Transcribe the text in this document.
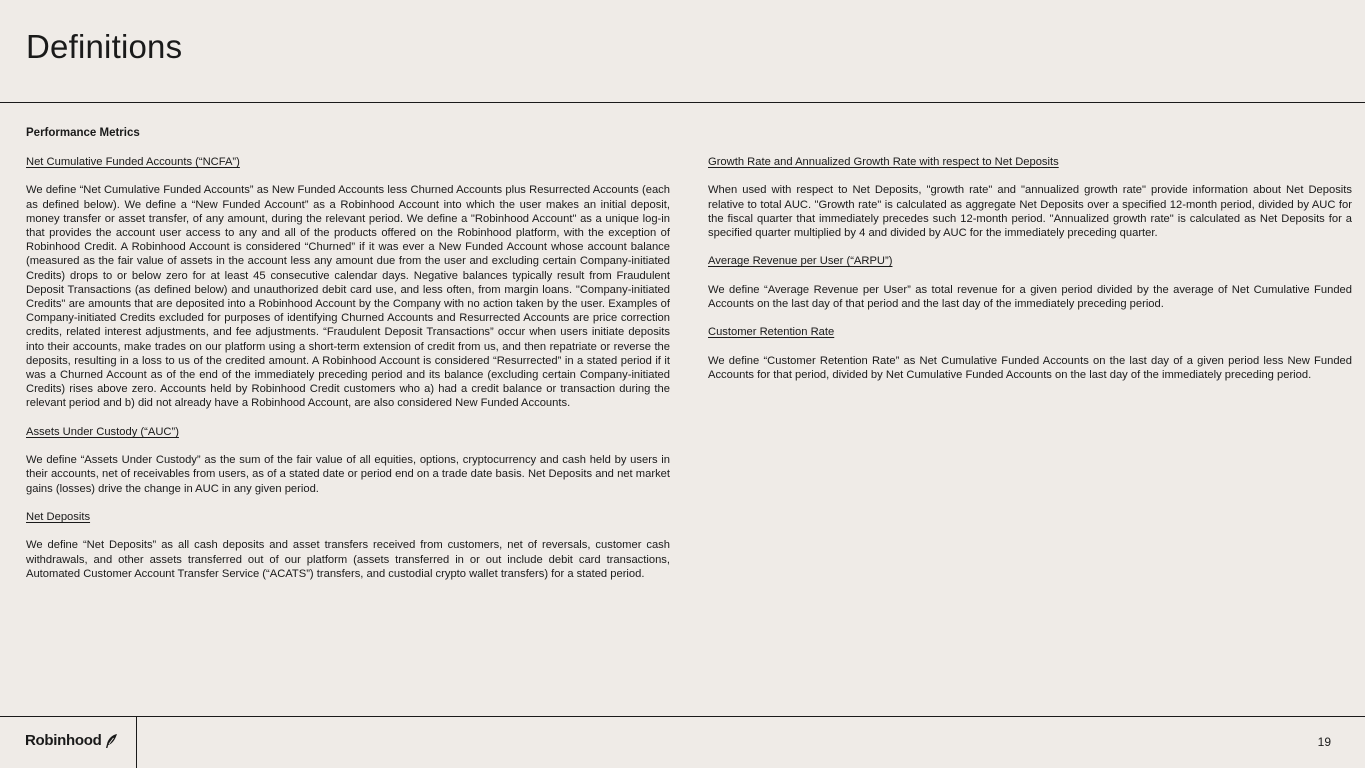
Definitions

Performance Metrics

Net Cumulative Funded Accounts (“NCFA”)

We define “Net Cumulative Funded Accounts” as New Funded Accounts less Churned Accounts plus Resurrected Accounts (each as defined below). We define a “New Funded Account” as a Robinhood Account into which the user makes an initial deposit, money transfer or asset transfer, of any amount, during the relevant period. We define a "Robinhood Account" as a unique log-in that provides the account user access to any and all of the products offered on the Robinhood platform, with the exception of Robinhood Credit. A Robinhood Account is considered “Churned” if it was ever a New Funded Account whose account balance (measured as the fair value of assets in the account less any amount due from the user and excluding certain Company-initiated Credits) drops to or below zero for at least 45 consecutive calendar days. Negative balances typically result from Fraudulent Deposit Transactions (as defined below) and unauthorized debit card use, and less often, from margin loans. "Company-initiated Credits" are amounts that are deposited into a Robinhood Account by the Company with no action taken by the user. Examples of Company-initiated Credits excluded for purposes of identifying Churned Accounts and Resurrected Accounts are price correction credits, related interest adjustments, and fee adjustments. “Fraudulent Deposit Transactions” occur when users initiate deposits into their accounts, make trades on our platform using a short-term extension of credit from us, and then repatriate or reverse the deposits, resulting in a loss to us of the credited amount. A Robinhood Account is considered “Resurrected” in a stated period if it was a Churned Account as of the end of the immediately preceding period and its balance (excluding certain Company-initiated Credits) rises above zero. Accounts held by Robinhood Credit customers who a) had a credit balance or transaction during the relevant period and b) did not already have a Robinhood Account, are also considered New Funded Accounts.

Assets Under Custody (“AUC”)

We define “Assets Under Custody” as the sum of the fair value of all equities, options, cryptocurrency and cash held by users in their accounts, net of receivables from users, as of a stated date or period end on a trade date basis. Net Deposits and net market gains (losses) drive the change in AUC in any given period.

Net Deposits

We define “Net Deposits” as all cash deposits and asset transfers received from customers, net of reversals, customer cash withdrawals, and other assets transferred out of our platform (assets transferred in or out include debit card transactions, Automated Customer Account Transfer Service (“ACATS”) transfers, and custodial crypto wallet transfers) for a stated period.

Growth Rate and Annualized Growth Rate with respect to Net Deposits

When used with respect to Net Deposits, "growth rate" and "annualized growth rate" provide information about Net Deposits relative to total AUC. "Growth rate" is calculated as aggregate Net Deposits over a specified 12-month period, divided by AUC for the fiscal quarter that immediately precedes such 12-month period. "Annualized growth rate" is calculated as Net Deposits for a specified quarter multiplied by 4 and divided by AUC for the immediately preceding quarter.

Average Revenue per User (“ARPU”)

We define “Average Revenue per User” as total revenue for a given period divided by the average of Net Cumulative Funded Accounts on the last day of that period and the last day of the immediately preceding period.

Customer Retention Rate

We define “Customer Retention Rate” as Net Cumulative Funded Accounts on the last day of a given period less New Funded Accounts for that period, divided by Net Cumulative Funded Accounts on the last day of the immediately preceding period.

Robinhood	19
